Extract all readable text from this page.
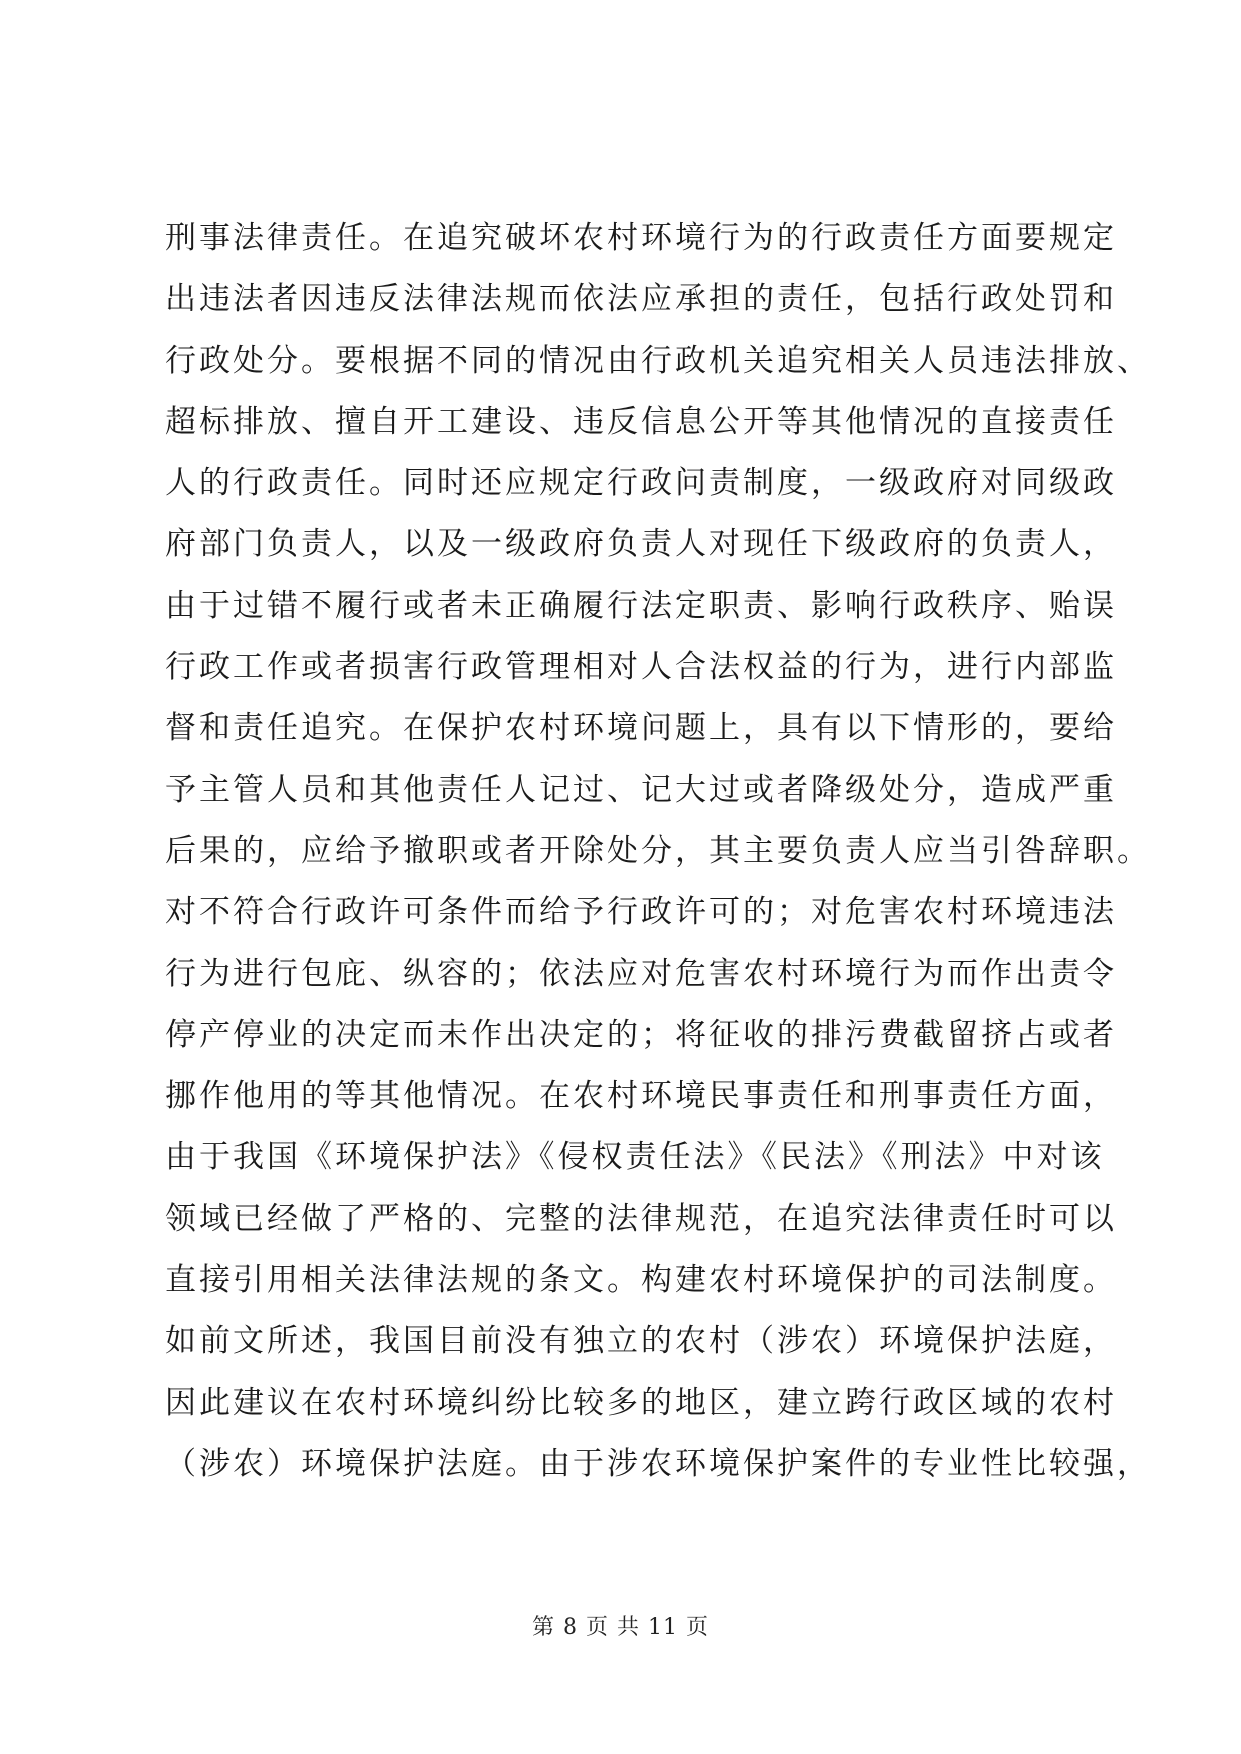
刑事法律责任。在追究破坏农村环境行为的行政责任方面要规定
出违法者因违反法律法规而依法应承担的责任，包括行政处罚和
行政处分。要根据不同的情况由行政机关追究相关人员违法排放、
超标排放、擅自开工建设、违反信息公开等其他情况的直接责任
人的行政责任。同时还应规定行政问责制度，一级政府对同级政
府部门负责人，以及一级政府负责人对现任下级政府的负责人，
由于过错不履行或者未正确履行法定职责、影响行政秩序、贻误
行政工作或者损害行政管理相对人合法权益的行为，进行内部监
督和责任追究。在保护农村环境问题上，具有以下情形的，要给
予主管人员和其他责任人记过、记大过或者降级处分，造成严重
后果的，应给予撤职或者开除处分，其主要负责人应当引咎辞职。
对不符合行政许可条件而给予行政许可的；对危害农村环境违法
行为进行包庇、纵容的；依法应对危害农村环境行为而作出责令
停产停业的决定而未作出决定的；将征收的排污费截留挤占或者
挪作他用的等其他情况。在农村环境民事责任和刑事责任方面，
由于我国《环境保护法》《侵权责任法》《民法》《刑法》中对该
领域已经做了严格的、完整的法律规范，在追究法律责任时可以
直接引用相关法律法规的条文。构建农村环境保护的司法制度。
如前文所述，我国目前没有独立的农村（涉农）环境保护法庭，
因此建议在农村环境纠纷比较多的地区，建立跨行政区域的农村
（涉农）环境保护法庭。由于涉农环境保护案件的专业性比较强，
第 8 页 共 11 页
